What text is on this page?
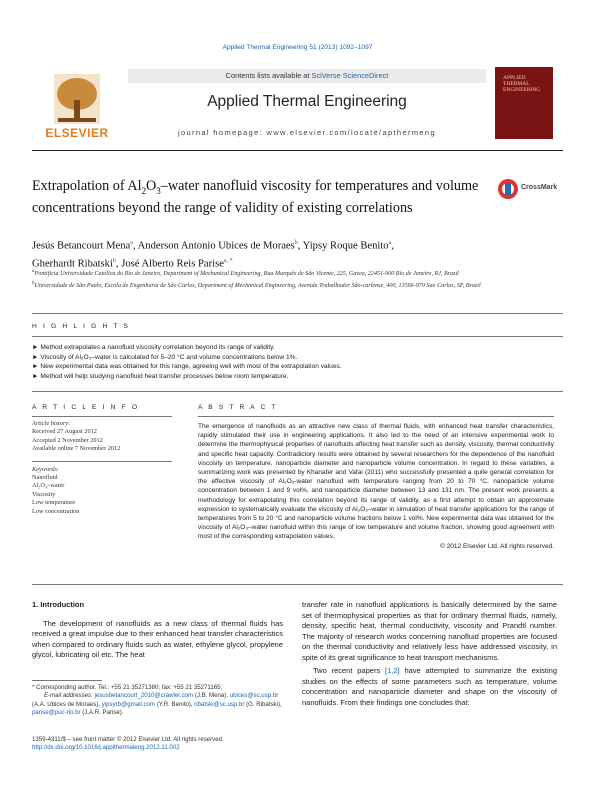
Applied Thermal Engineering 51 (2013) 1092–1097
ELSEVIER
Contents lists available at SciVerse ScienceDirect
Applied Thermal Engineering
journal homepage: www.elsevier.com/locate/apthermeng
APPLIED THERMAL ENGINEERING
Extrapolation of $Al_2O_3$–water nanofluid viscosity for temperatures and volume concentrations beyond the range of validity of existing correlations
CrossMark
Jesús Betancourt Mena$^a$, Anderson Antonio Ubices de Moraes$^b$, Yipsy Roque Benito$^a$,
Gherhardt Ribatski$^b$, José Alberto Reis Parise$^{a, *}$
$^a$Pontifícia Universidade Católica do Rio de Janeiro, Department of Mechanical Engineering, Rua Marquês de São Vicente, 225, Gavea, 22451-900 Rio de Janeiro, RJ, Brazil
$^b$Universidade de São Paulo, Escola de Engenharia de São Carlos, Department of Mechanical Engineering, Avenida Trabalhador São-carlense, 400, 13566-970 Sao Carlos, SP, Brazil
H I G H L I G H T S
► Method extrapolates a nanofluid viscosity correlation beyond its range of validity.
► Viscosity of Al₂O₃–water is calculated for 5–20 °C and volume concentrations below 1%.
► New experimental data was obtained for this range, agreeing well with most of the extrapolation values.
► Method will help studying nanofluid heat transfer processes below room temperature.
A R T I C L E I N F O
Article history:
Received 27 August 2012
Accepted 2 November 2012
Available online 7 November 2012
Keywords:
Nanofluid
Al₂O₃–water
Viscosity
Low temperature
Low concentration
A B S T R A C T
The emergence of nanofluids as an attractive new class of thermal fluids, with enhanced heat transfer characteristics, rapidly stimulated their use in engineering applications. It also led to the need of an intensive experimental work to determine the thermophysical properties of nanofluids affecting heat transfer such as density, viscosity, thermal conductivity and specific heat capacity. Contradictory results were obtained by several researchers for the dependence of the nanofluid viscosity on temperature, nanoparticle diameter and nanoparticle volume concentration. In regard to these variables, a summarizing work was presented by Khanafer and Vafai (2011) who successfully presented a quite general correlation for the effective viscosity of Al₂O₃-water nanofluid with temperature ranging from 20 to 70 °C, nanoparticle volume concentration between 1 and 9 vol%, and nanoparticle diameter between 13 and 131 nm. The present work presents a methodology for extrapolating this correlation beyond its range of validity, as a first attempt to obtain an approximate expression to systematically evaluate the viscosity of Al₂O₃–water in simulation of heat transfer applications for the range of temperatures from 5 to 20 °C and nanoparticle volume fractions below 1 vol%. New experimental data was obtained for the viscosity of Al₂O₃–water nanofluid within this range of low temperature and volume fraction, showing good agreement with most of the corresponding extrapolation values.
© 2012 Elsevier Ltd. All rights reserved.
1. Introduction

The development of nanofluids as a new class of thermal fluids has received a great impulse due to their enhanced heat transfer characteristics when compared to ordinary fluids such as water, ethylene glycol, propylene glycol, lubricating oil etc. The heat

transfer rate in nanofluid applications is basically determined by the same set of thermophysical properties as that for ordinary thermal fluids, namely, density, specific heat, thermal conductivity, viscosity and Prandtl number. The majority of research works concerning nanofluid properties are focused on the thermal conductivity and relatively less have addressed viscosity, in spite of its great significance to heat transport mechanisms.

Two recent papers [1,2] have attempted to summarize the existing studies on the effects of some parameters such as temperature, volume concentration and nanoparticle diameter and shape on the viscosity of nanofluids. From their findings one concludes that:

* Corresponding author. Tel.: +55 21 35271380; fax: +55 21 35271165.
E-mail addresses: jesusbetancourt_2010@crawler.com (J.B. Mena), ubices@sc.usp.br (A.A. Ubices de Moraes), yipsyrb@gmail.com (Y.R. Benito), ribatski@sc.usp.br (G. Ribatski), parise@puc-rio.br (J.A.R. Parise).
1359-4311/$ – see front matter © 2012 Elsevier Ltd. All rights reserved.
http://dx.doi.org/10.1016/j.applthermaleng.2012.11.002
